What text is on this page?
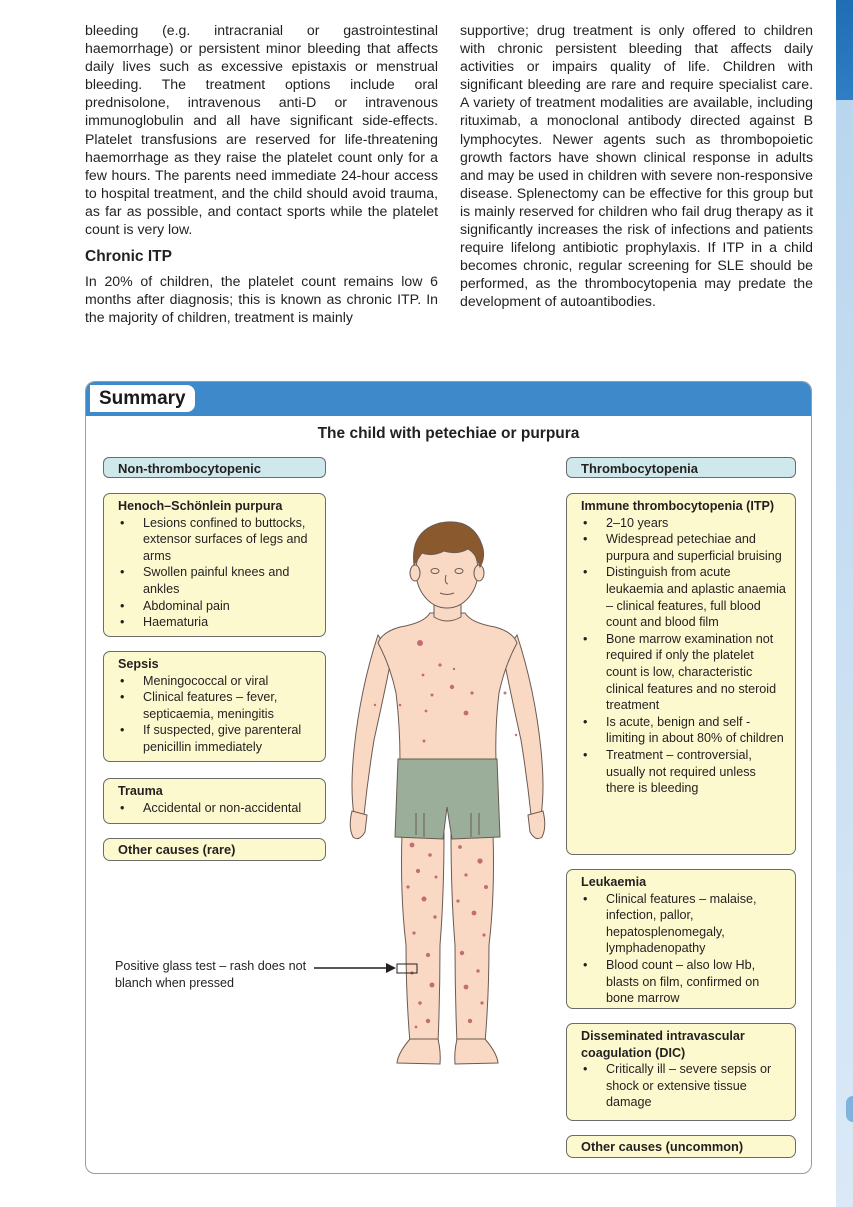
bleeding (e.g. intracranial or gastrointestinal haemorrhage) or persistent minor bleeding that affects daily lives such as excessive epistaxis or menstrual bleeding. The treatment options include oral prednisolone, intravenous anti-D or intravenous immunoglobulin and all have significant side-effects. Platelet transfusions are reserved for life-threatening haemorrhage as they raise the platelet count only for a few hours. The parents need immediate 24-hour access to hospital treatment, and the child should avoid trauma, as far as possible, and contact sports while the platelet count is very low.

Chronic ITP

In 20% of children, the platelet count remains low 6 months after diagnosis; this is known as chronic ITP. In the majority of children, treatment is mainly

supportive; drug treatment is only offered to children with chronic persistent bleeding that affects daily activities or impairs quality of life. Children with significant bleeding are rare and require specialist care. A variety of treatment modalities are available, including rituximab, a monoclonal antibody directed against B lymphocytes. Newer agents such as thrombopoietic growth factors have shown clinical response in adults and may be used in children with severe non-responsive disease. Splenectomy can be effective for this group but is mainly reserved for children who fail drug therapy as it significantly increases the risk of infections and patients require lifelong antibiotic prophylaxis. If ITP in a child becomes chronic, regular screening for SLE should be performed, as the thrombocytopenia may predate the development of autoantibodies.

Summary
The child with petechiae or purpura
Non-thrombocytopenic	Thrombocytopenia
Henoch–Schönlein purpura
• Lesions confined to buttocks, extensor surfaces of legs and arms
• Swollen painful knees and ankles
• Abdominal pain
• Haematuria
Sepsis
• Meningococcal or viral
• Clinical features – fever, septicaemia, meningitis
• If suspected, give parenteral penicillin immediately
Trauma
• Accidental or non-accidental
Other causes (rare)
Immune thrombocytopenia (ITP)
• 2–10 years
• Widespread petechiae and purpura and superficial bruising
• Distinguish from acute leukaemia and aplastic anaemia – clinical features, full blood count and blood film
• Bone marrow examination not required if only the platelet count is low, characteristic clinical features and no steroid treatment
• Is acute, benign and self -limiting in about 80% of children
• Treatment – controversial, usually not required unless there is bleeding
Leukaemia
• Clinical features – malaise, infection, pallor, hepatosplenomegaly, lymphadenopathy
• Blood count – also low Hb, blasts on film, confirmed on bone marrow
Disseminated intravascular coagulation (DIC)
• Critically ill – severe sepsis or shock or extensive tissue damage
Other causes (uncommon)
Positive glass test – rash does not blanch when pressed
